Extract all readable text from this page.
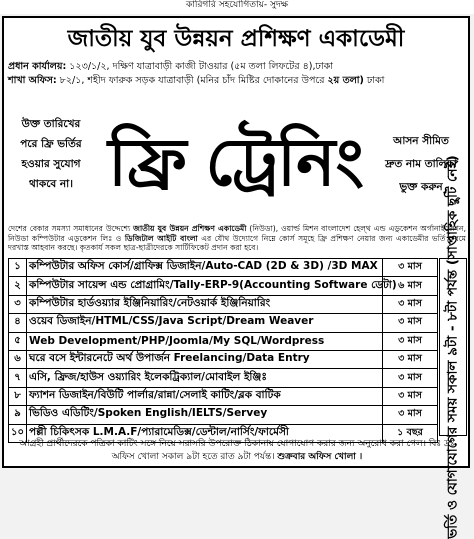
কারিগরি সহযোগিতায়- সুদক্ষ
জাতীয় যুব উন্নয়ন প্রশিক্ষণ একাডেমী
প্রধান কার্যালয়: ১২৩/১/২, দক্ষিণ যাত্রাবাড়ী কাজী টাওয়ার (৫ম তলা লিফটের ৪),ঢাকা
শাখা অফিস: ৮২/১, শহীদ ফারুক সড়ক যাত্রাবাড়ী (মনির চাঁদ মিষ্টির দোকানের উপরে ২য় তলা) ঢাকা
উক্ত তারিখের
পরে ফ্রি ভর্তির
হওয়ার সুযোগ
থাকবে না। ফ্রি ট্রেনিং	আসন সীমিত
দ্রুত নাম তালিকা
ভুক্ত করুন
দেশের বেকার সমস্যা সমাধানের উদ্দেশ্যে জাতীয় যুব উন্নয়ন প্রশিক্ষণ একাডেমী (নিউডা), ওয়ার্ল্ড মিশন বাংলাদেশ হেল্থ এন্ড এডুকেশন অর্গানাইজেশন, নিউডা কম্পিউটার এডুকেশন লিঃ ও ডিজিটাল আইটি বাংলা এর যৌথ উদ্যোগে নিম্নে কোর্স সমূহে ফ্রি প্রশিক্ষণ নেয়ার জন্য একাডেমীর ভর্তি ফরমে দরখাস্ত আহবান করছে। কৃতকার্য সকল ছাত্র-ছাত্রীদেরকে সার্টিফিকেট প্রদান করা হবে।
১	কম্পিউটার অফিস কোর্স/গ্রাফিক্স ডিজাইন/Auto-CAD (2D & 3D) /3D MAX	৩ মাস
২	কম্পিউটার সায়েন্স এন্ড প্রোগ্রামিং/Tally-ERP-9(Accounting Software ডেটা)	৬ মাস
৩	কম্পিউটার হার্ডওয়্যার ইঞ্জিনিয়ারিং/নেটওয়ার্ক ইঞ্জিনিয়ারিং	৩ মাস
৪	ওয়েব ডিজাইন/HTML/CSS/Java Script/Dream Weaver	৩ মাস
৫	Web Development/PHP/Joomla/My SQL/Wordpress	৩ মাস
৬	ঘরে বসে ইন্টারনেটে অর্থ উপার্জন Freelancing/Data Entry	৩ মাস
৭	এসি, ফ্রিজ/হাউস ওয়্যারিং ইলেকট্রিক্যাল/মোবাইল ইঞ্জিঃ	৩ মাস
৮	ফ্যাশন ডিজাইন/বিউটি পার্লার/রান্না/সেলাই কাটিং/ব্লক বাটিক	৩ মাস
৯	ভিডিও এডিটিং/Spoken English/IELTS/Servey	৩ মাস
১০	পল্লী চিকিৎসক L.M.A.F/প্যারামেডিক্স/ডেন্টাল/নার্সিং/ফার্মেসী	১ বছর ভর্তি ও যোগাযোগের সময় সকাল ৯টা - ৮টা পর্যন্ত (সাপ্তাহিক ছুটি নেই)
আগ্রহী প্রার্থীদেরকে পত্রিকা কাটিং সঙ্গে নিয়ে সরাসরি উপরোক্ত ঠিকানায় যোগাযোগ করার জন্য অনুরোধ করা গেল। বিঃ দ্রঃ অফিস খোলা সকাল ৯টা হতে রাত ৯টা পর্যন্ত। শুক্রবার অফিস খোলা ।
